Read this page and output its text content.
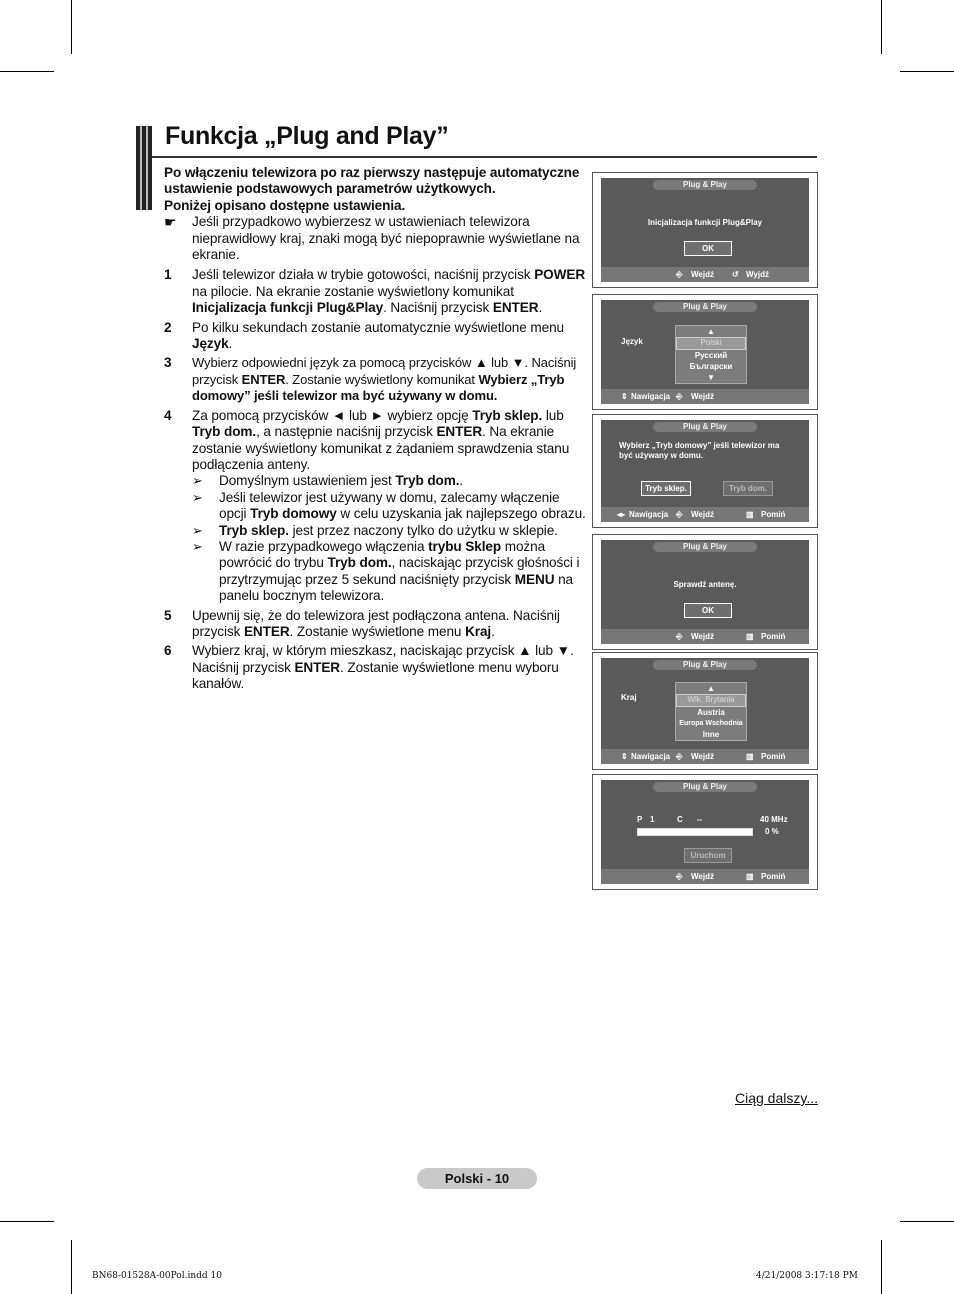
Funkcja „Plug and Play”

Po włączeniu telewizora po raz pierwszy następuje automatyczne ustawienie podstawowych parametrów użytkowych.

Poniżej opisano dostępne ustawienia.

☛	Jeśli przypadkowo wybierzesz w ustawieniach telewizora nieprawidłowy kraj, znaki mogą być niepoprawnie wyświetlane na ekranie.
1	Jeśli telewizor działa w trybie gotowości, naciśnij przycisk POWER na pilocie. Na ekranie zostanie wyświetlony komunikat Inicjalizacja funkcji Plug&Play. Naciśnij przycisk ENTER.
2	Po kilku sekundach zostanie automatycznie wyświetlone menu Język.
3	Wybierz odpowiedni język za pomocą przycisków ▲ lub ▼. Naciśnij przycisk ENTER. Zostanie wyświetlony komunikat Wybierz „Tryb domowy” jeśli telewizor ma być używany w domu.
4	Za pomocą przycisków ◄ lub ► wybierz opcję Tryb sklep. lub Tryb dom., a następnie naciśnij przycisk ENTER. Na ekranie zostanie wyświetlony komunikat z żądaniem sprawdzenia stanu podłączenia anteny.
➢	Domyślnym ustawieniem jest Tryb dom..
➢	Jeśli telewizor jest używany w domu, zalecamy włączenie opcji Tryb domowy w celu uzyskania jak najlepszego obrazu.
➢	Tryb sklep. jest przez naczony tylko do użytku w sklepie.
➢	W razie przypadkowego włączenia trybu Sklep można powrócić do trybu Tryb dom., naciskając przycisk głośności i przytrzymując przez 5 sekund naciśnięty przycisk MENU na panelu bocznym telewizora.
5	Upewnij się, że do telewizora jest podłączona antena. Naciśnij przycisk ENTER. Zostanie wyświetlone menu Kraj.
6	Wybierz kraj, w którym mieszkasz, naciskając przycisk ▲ lub ▼. Naciśnij przycisk ENTER. Zostanie wyświetlone menu wyboru kanałów.
Plug & Play
Inicjalizacja funkcji Plug&Play
OK
⎆ Wejdź ↺ Wyjdź
Plug & Play
Język
▲
Polski
Русский
Български
▼
⇕ Nawigacja ⎆ Wejdź
Plug & Play
Wybierz „Tryb domowy” jeśli telewizor ma być używany w domu.
Tryb sklep.	Tryb dom.
◂▸ Nawigacja ⎆ Wejdź	▥ Pomiń
Plug & Play
Sprawdź antenę.
OK
⎆ Wejdź	▥ Pomiń
Plug & Play
Kraj
▲
Wlk. Brytania
Austria
Europa Wschodnia
Inne
⇕ Nawigacja ⎆ Wejdź	▥ Pomiń
Plug & Play
P 1	C --	40 MHz
0 %
Uruchom
⎆ Wejdź	▥ Pomiń
Ciąg dalszy...
Polski - 10
BN68-01528A-00Pol.indd 10	4/21/2008 3:17:18 PM
